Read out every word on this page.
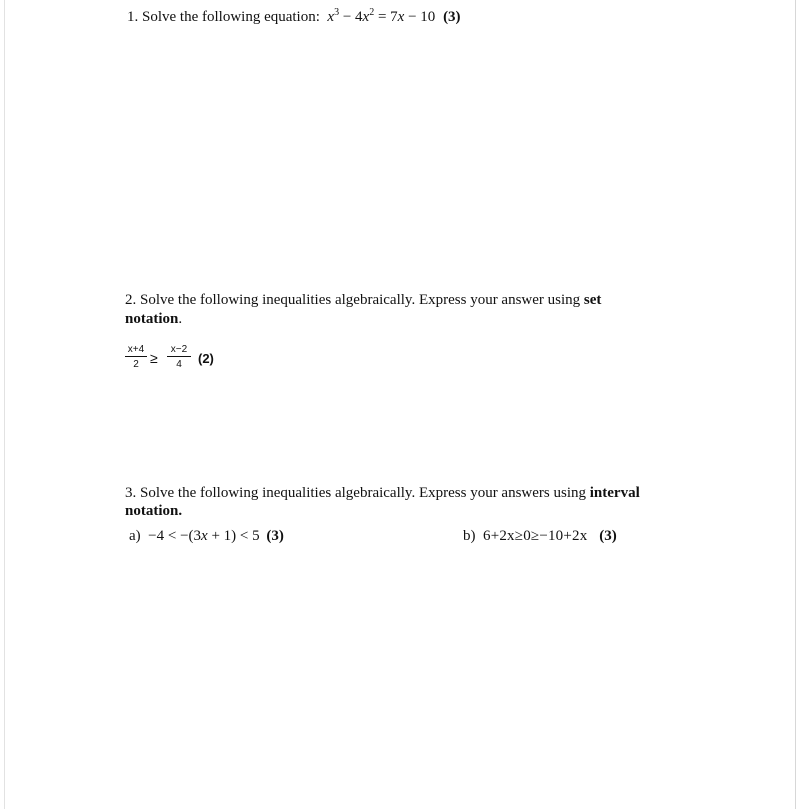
1. Solve the following equation: $x^3 - 4x^2 = 7x - 10$ (3)
2. Solve the following inequalities algebraically. Express your answer using set
notation.
x+4
2 ≥
x−2
4	(2)
3. Solve the following inequalities algebraically. Express your answers using interval
notation.
a) −4 < −(3x + 1) < 5 (3)	b) 6+2x≥0≥−10+2x (3)
